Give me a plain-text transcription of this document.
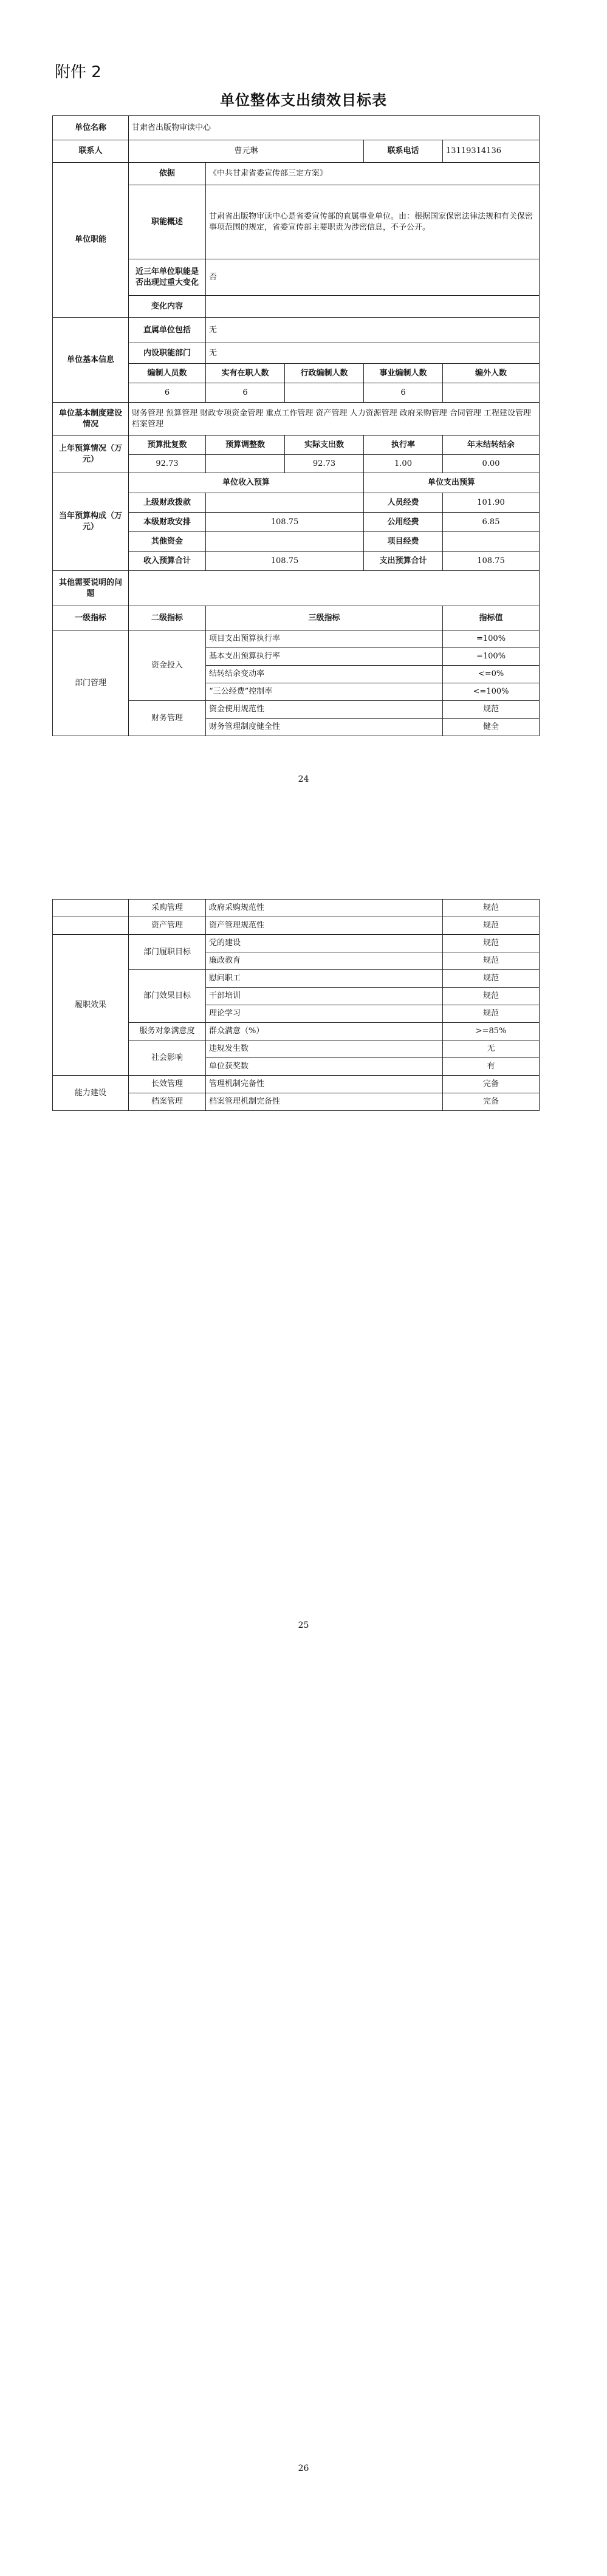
附件 2
单位整体支出绩效目标表
单位名称	甘肃省出版物审读中心				
联系人	曹元琳			联系电话	13119314136
单位职能	依据	《中共甘肃省委宣传部三定方案》			
	职能概述	甘肃省出版物审读中心是省委宣传部的直属事业单位。由：根据国家保密法律法规和有关保密事项范围的规定，省委宣传部主要职责为涉密信息，不予公开。			
	近三年单位职能是否出现过重大变化	否			
	变化内容				

单位基本信息	直属单位包括	无			
	内设职能部门	无			
	编制人员数	实有在职人数	行政编制人数	事业编制人数	编外人数
	6	6		6	
单位基本制度建设情况	财务管理 预算管理 财政专项资金管理 重点工作管理 资产管理 人力资源管理 政府采购管理 合同管理 工程建设管理 档案管理				
上年预算情况（万元）	预算批复数	预算调整数	实际支出数	执行率	年末结转结余
	92.73		92.73	1.00	0.00
当年预算构成（万元）	单位收入预算			单位支出预算	
	上级财政拨款			人员经费	101.90
	本级财政安排	108.75		公用经费	6.85
	其他资金			项目经费	
	收入预算合计	108.75		支出预算合计	108.75
其他需要说明的问题					
一级指标	二级指标	三级指标			指标值
部门管理	资金投入	项目支出预算执行率			=100%
		基本支出预算执行率			=100%
		结转结余变动率			<=0%
		“三公经费”控制率			<=100%
	财务管理	资金使用规范性			规范
		财务管理制度健全性			健全
24
	采购管理	政府采购规范性	规范
	资产管理	资产管理规范性	规范
履职效果	部门履职目标	党的建设	规范
		廉政教育	规范
	部门效果目标	慰问职工	规范
		干部培训	规范
		理论学习	规范
	服务对象满意度	群众满意（%）	>=85%
	社会影响	违规发生数	无
		单位获奖数	有

能力建设	长效管理	管理机制完备性	完备
	档案管理	档案管理机制完备性	完备
25
26
